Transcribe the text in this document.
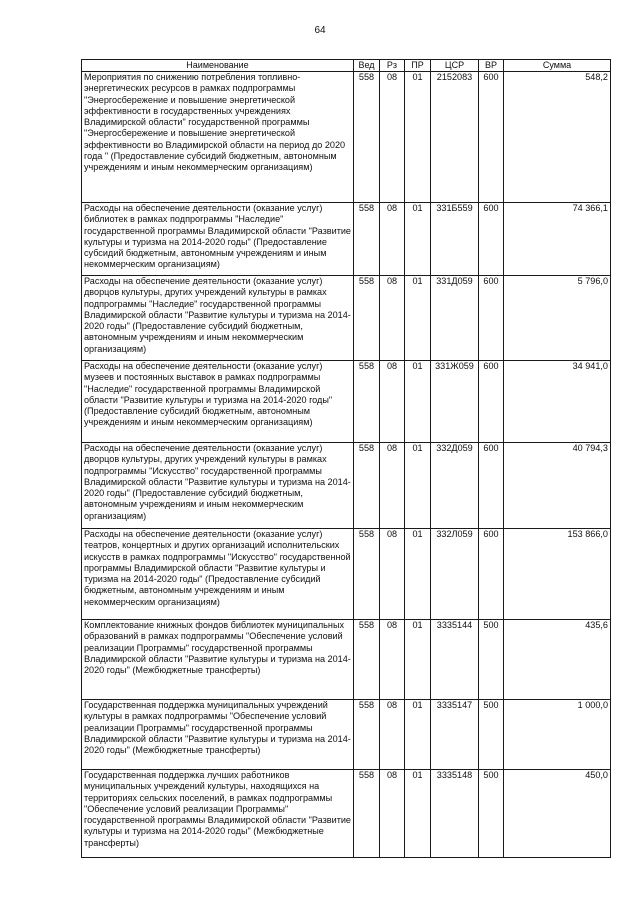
64
Наименование	Вед	Рз	ПР	ЦСР	ВР	Сумма
Мероприятия по снижению потребления топливно-энергетических ресурсов в рамках подпрограммы "Энергосбережение и повышение энергетической эффективности в государственных учреждениях Владимирской области" государственной программы "Энергосбережение и повышение энергетической эффективности во Владимирской области на период до 2020 года " (Предоставление субсидий бюджетным, автономным учреждениям и иным некоммерческим организациям)	558	08	01	2152083	600	548,2
Расходы на обеспечение деятельности (оказание услуг) библиотек в рамках подпрограммы "Наследие" государственной программы Владимирской области "Развитие культуры и туризма на 2014-2020 годы" (Предоставление субсидий бюджетным, автономным учреждениям и иным некоммерческим организациям)	558	08	01	331Б559	600	74 366,1
Расходы на обеспечение деятельности (оказание услуг) дворцов культуры, других учреждений культуры в рамках подпрограммы "Наследие" государственной программы Владимирской области "Развитие культуры и туризма на 2014-2020 годы" (Предоставление субсидий бюджетным, автономным учреждениям и иным некоммерческим организациям)	558	08	01	331Д059	600	5 796,0
Расходы на обеспечение деятельности (оказание услуг) музеев и постоянных выставок в рамках подпрограммы "Наследие" государственной программы Владимирской области "Развитие культуры и туризма на 2014-2020 годы" (Предоставление субсидий бюджетным, автономным учреждениям и иным некоммерческим организациям)	558	08	01	331Ж059	600	34 941,0
Расходы на обеспечение деятельности (оказание услуг) дворцов культуры, других учреждений культуры в рамках подпрограммы "Искусство" государственной программы Владимирской области "Развитие культуры и туризма на 2014-2020 годы" (Предоставление субсидий бюджетным, автономным учреждениям и иным некоммерческим организациям)	558	08	01	332Д059	600	40 794,3
Расходы на обеспечение деятельности (оказание услуг) театров, концертных и других организаций исполнительских искусств в рамках подпрограммы "Искусство" государственной программы Владимирской области "Развитие культуры и туризма на 2014-2020 годы" (Предоставление субсидий бюджетным, автономным учреждениям и иным некоммерческим организациям)	558	08	01	332Л059	600	153 866,0
Комплектование книжных фондов библиотек муниципальных образований в рамках подпрограммы "Обеспечение условий реализации Программы" государственной программы Владимирской области "Развитие культуры и туризма на 2014-2020 годы" (Межбюджетные трансферты)	558	08	01	3335144	500	435,6
Государственная поддержка муниципальных учреждений культуры в рамках подпрограммы "Обеспечение условий реализации Программы" государственной программы Владимирской области "Развитие культуры и туризма на 2014-2020 годы" (Межбюджетные трансферты)	558	08	01	3335147	500	1 000,0
Государственная поддержка лучших работников муниципальных учреждений культуры, находящихся на территориях сельских поселений, в рамках подпрограммы "Обеспечение условий реализации Программы" государственной программы Владимирской области "Развитие культуры и туризма на 2014-2020 годы" (Межбюджетные трансферты)	558	08	01	3335148	500	450,0
